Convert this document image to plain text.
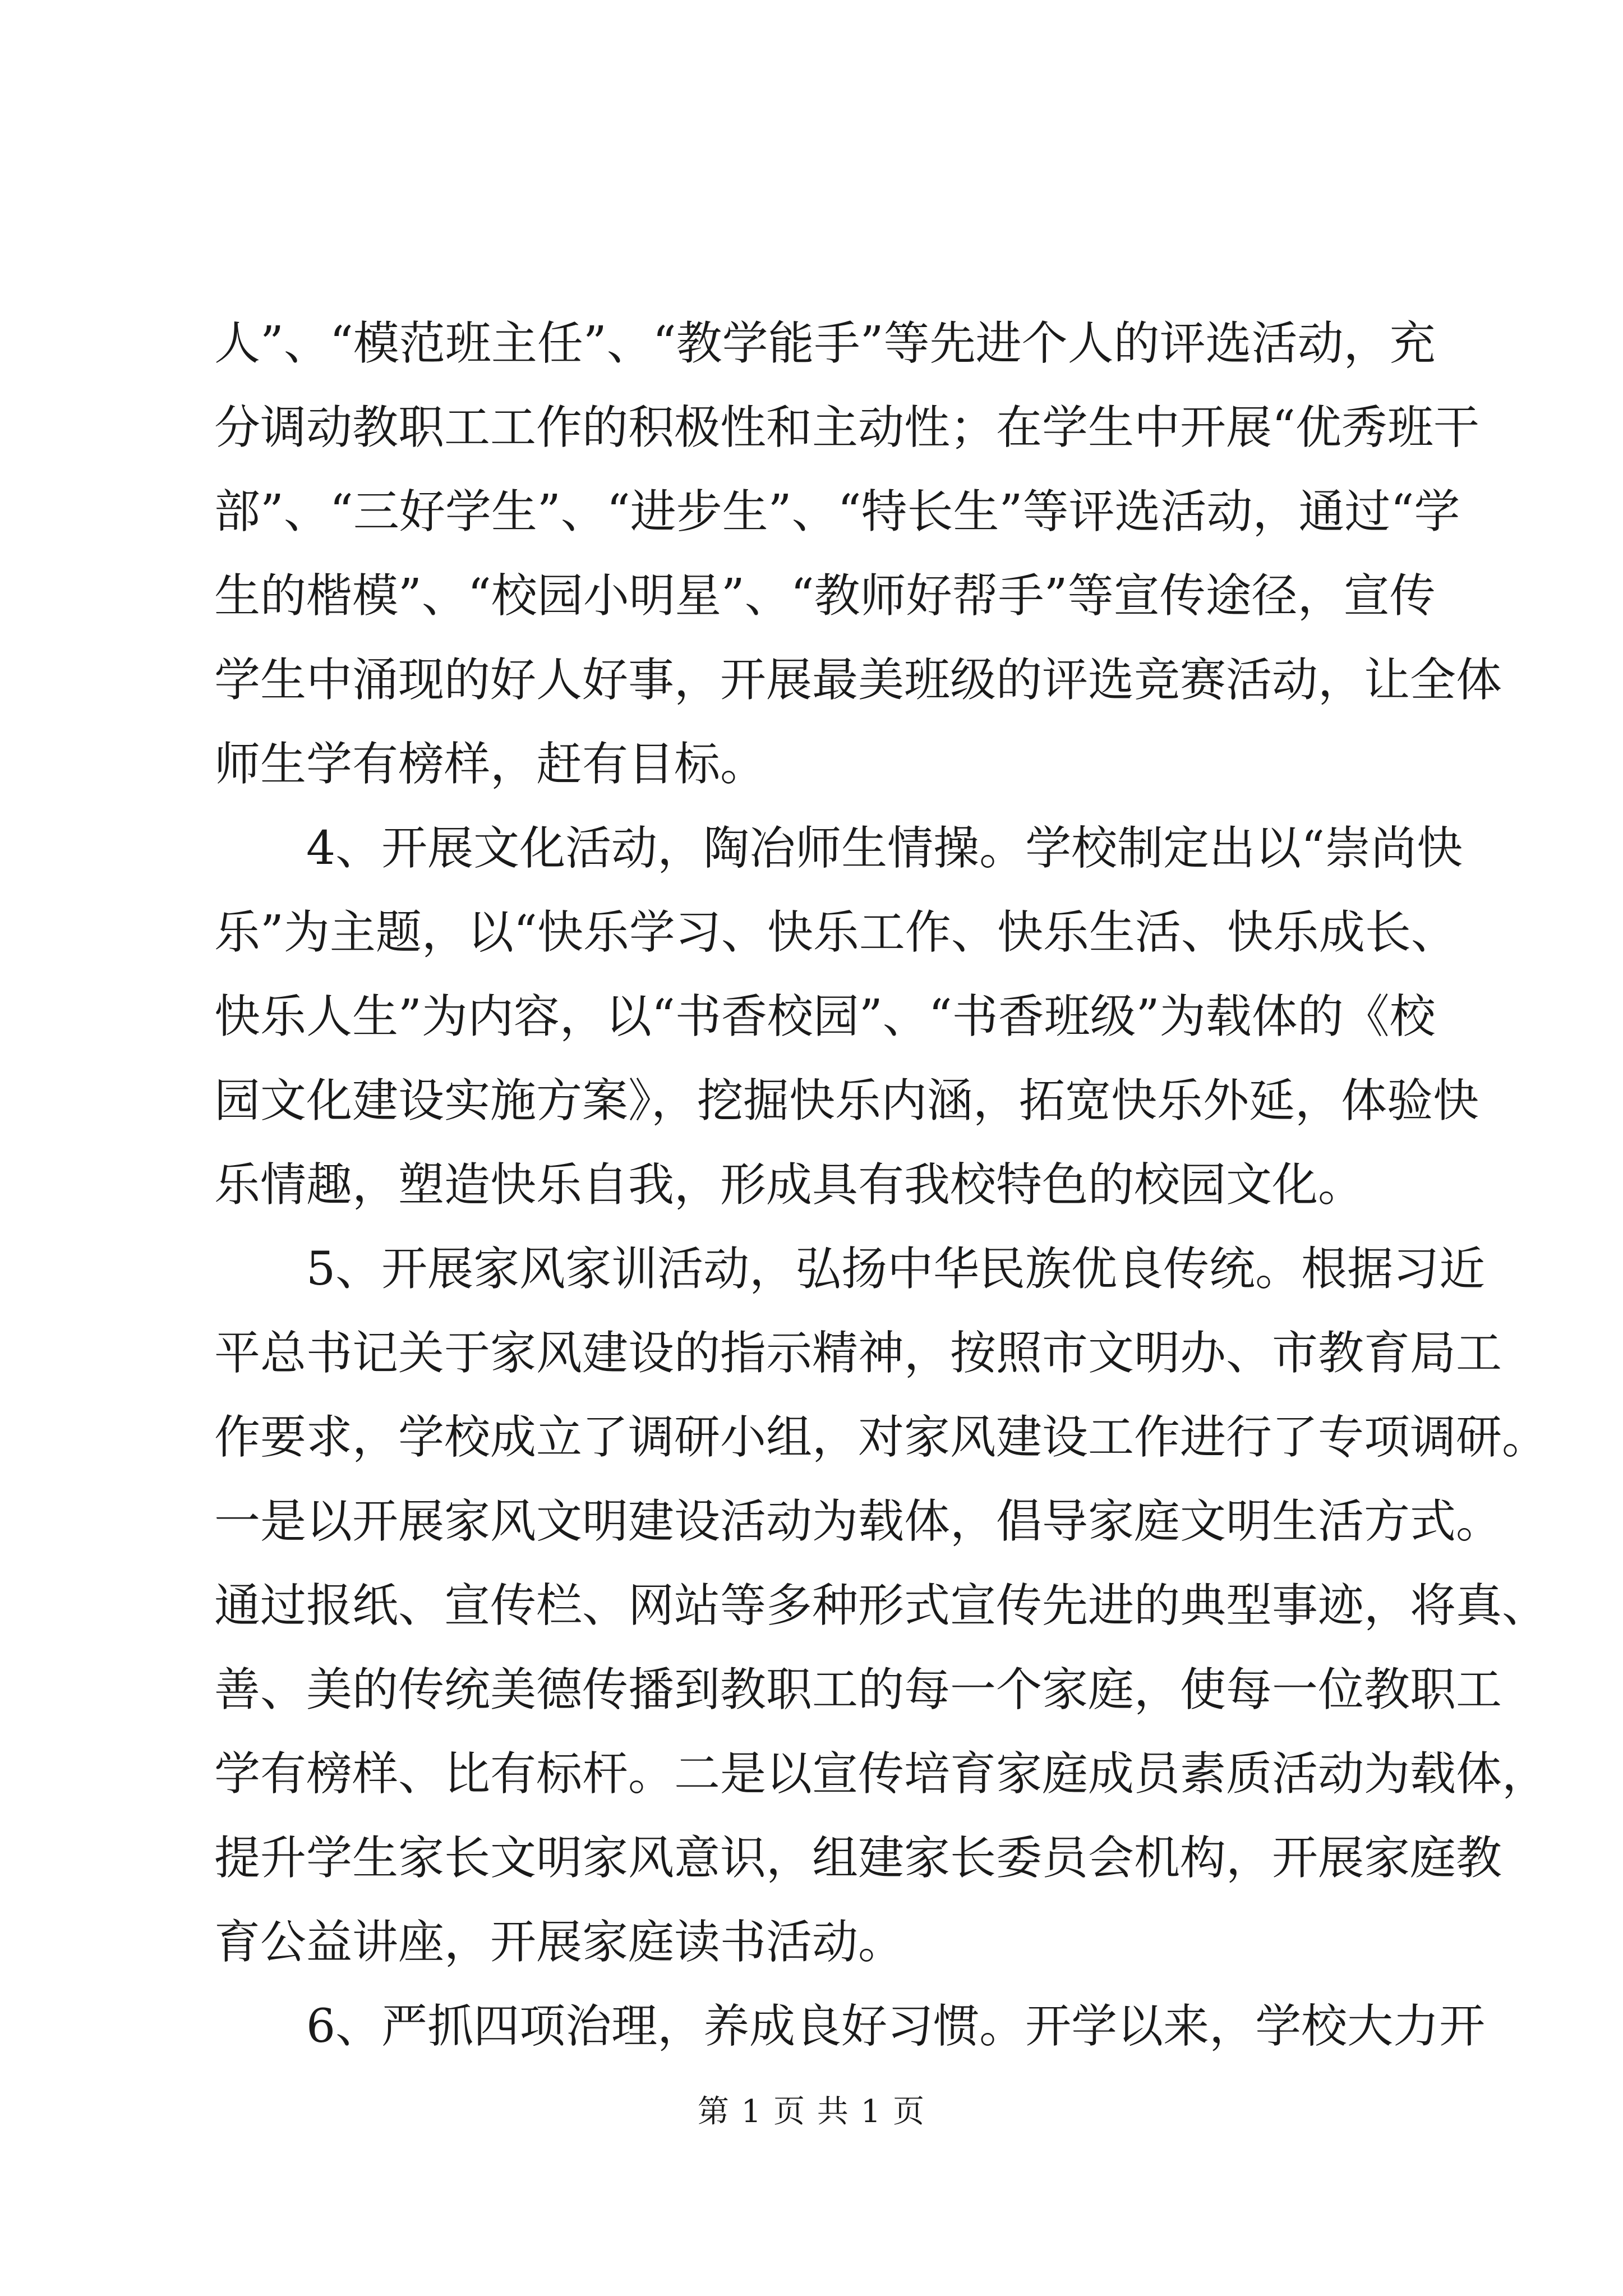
人”、“模范班主任”、“教学能手”等先进个人的评选活动，充
分调动教职工工作的积极性和主动性；在学生中开展“优秀班干
部”、“三好学生”、“进步生”、“特长生”等评选活动，通过“学
生的楷模”、“校园小明星”、“教师好帮手”等宣传途径，宣传
学生中涌现的好人好事，开展最美班级的评选竞赛活动，让全体
师生学有榜样，赶有目标。
4、开展文化活动，陶冶师生情操。学校制定出以“崇尚快
乐”为主题，以“快乐学习、快乐工作、快乐生活、快乐成长、
快乐人生”为内容，以“书香校园”、“书香班级”为载体的《校
园文化建设实施方案》，挖掘快乐内涵，拓宽快乐外延，体验快
乐情趣，塑造快乐自我，形成具有我校特色的校园文化。
5、开展家风家训活动，弘扬中华民族优良传统。根据习近
平总书记关于家风建设的指示精神，按照市文明办、市教育局工
作要求，学校成立了调研小组，对家风建设工作进行了专项调研。
一是以开展家风文明建设活动为载体，倡导家庭文明生活方式。
通过报纸、宣传栏、网站等多种形式宣传先进的典型事迹，将真、
善、美的传统美德传播到教职工的每一个家庭，使每一位教职工
学有榜样、比有标杆。二是以宣传培育家庭成员素质活动为载体，
提升学生家长文明家风意识，组建家长委员会机构，开展家庭教
育公益讲座，开展家庭读书活动。
6、严抓四项治理，养成良好习惯。开学以来，学校大力开
第 1 页 共 1 页
